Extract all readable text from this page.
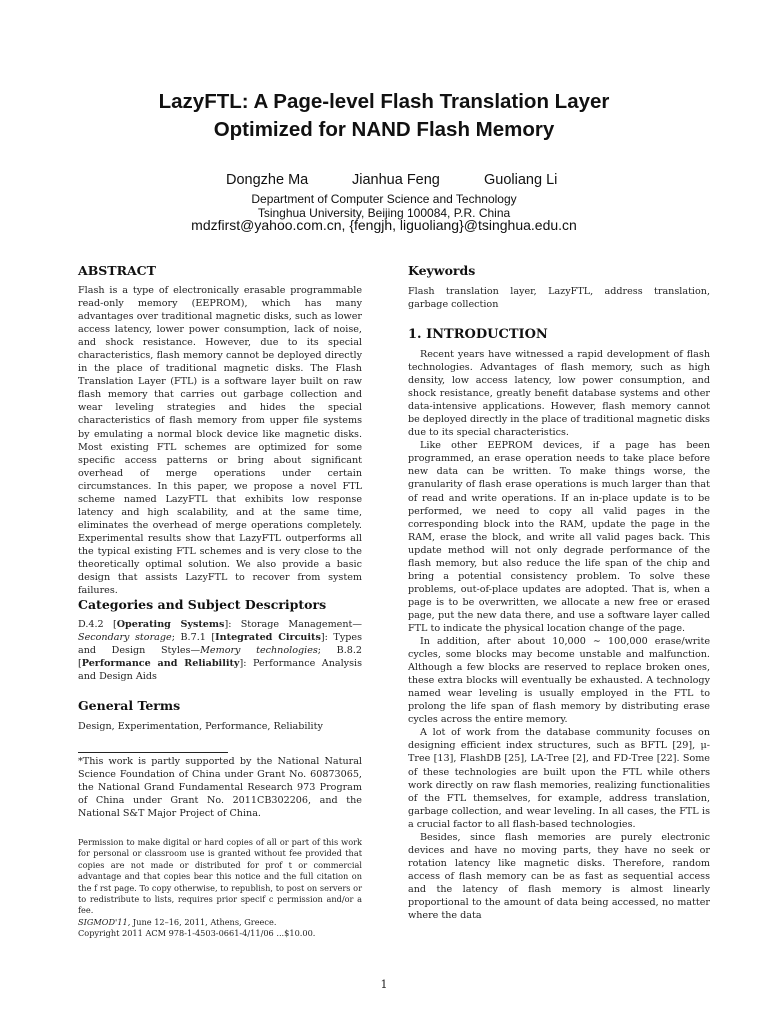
LazyFTL: A Page-level Flash Translation Layer
Optimized for NAND Flash Memory
Dongzhe Ma	Jianhua Feng	Guoliang Li
Department of Computer Science and Technology
Tsinghua University, Beijing 100084, P.R. China
mdzfirst@yahoo.com.cn, {fengjh, liguoliang}@tsinghua.edu.cn
ABSTRACT

Flash is a type of electronically erasable programmable read-only memory (EEPROM), which has many advantages over traditional magnetic disks, such as lower access latency, lower power consumption, lack of noise, and shock resistance. However, due to its special characteristics, flash memory cannot be deployed directly in the place of traditional magnetic disks. The Flash Translation Layer (FTL) is a software layer built on raw flash memory that carries out garbage collection and wear leveling strategies and hides the special characteristics of flash memory from upper file systems by emulating a normal block device like magnetic disks. Most existing FTL schemes are optimized for some specific access patterns or bring about significant overhead of merge operations under certain circumstances. In this paper, we propose a novel FTL scheme named LazyFTL that exhibits low response latency and high scalability, and at the same time, eliminates the overhead of merge operations completely. Experimental results show that LazyFTL outperforms all the typical existing FTL schemes and is very close to the theoretically optimal solution. We also provide a basic design that assists LazyFTL to recover from system failures.

Categories and Subject Descriptors

D.4.2 [Operating Systems]: Storage Management—Secondary storage; B.7.1 [Integrated Circuits]: Types and Design Styles—Memory technologies; B.8.2 [Performance and Reliability]: Performance Analysis and Design Aids

General Terms

Design, Experimentation, Performance, Reliability

*This work is partly supported by the National Natural Science Foundation of China under Grant No. 60873065, the National Grand Fundamental Research 973 Program of China under Grant No. 2011CB302206, and the National S&T Major Project of China.

Permission to make digital or hard copies of all or part of this work for personal or classroom use is granted without fee provided that copies are not made or distributed for prof t or commercial advantage and that copies bear this notice and the full citation on the f rst page. To copy otherwise, to republish, to post on servers or to redistribute to lists, requires prior specif c permission and/or a fee.

SIGMOD'11, June 12–16, 2011, Athens, Greece.

Copyright 2011 ACM 978-1-4503-0661-4/11/06 ...$10.00.

Keywords

Flash translation layer, LazyFTL, address translation, garbage collection

1. INTRODUCTION

Recent years have witnessed a rapid development of flash technologies. Advantages of flash memory, such as high density, low access latency, low power consumption, and shock resistance, greatly benefit database systems and other data-intensive applications. However, flash memory cannot be deployed directly in the place of traditional magnetic disks due to its special characteristics.

Like other EEPROM devices, if a page has been programmed, an erase operation needs to take place before new data can be written. To make things worse, the granularity of flash erase operations is much larger than that of read and write operations. If an in-place update is to be performed, we need to copy all valid pages in the corresponding block into the RAM, update the page in the RAM, erase the block, and write all valid pages back. This update method will not only degrade performance of the flash memory, but also reduce the life span of the chip and bring a potential consistency problem. To solve these problems, out-of-place updates are adopted. That is, when a page is to be overwritten, we allocate a new free or erased page, put the new data there, and use a software layer called FTL to indicate the physical location change of the page.

In addition, after about 10,000 ∼ 100,000 erase/write cycles, some blocks may become unstable and malfunction. Although a few blocks are reserved to replace broken ones, these extra blocks will eventually be exhausted. A technology named wear leveling is usually employed in the FTL to prolong the life span of flash memory by distributing erase cycles across the entire memory.

A lot of work from the database community focuses on designing efficient index structures, such as BFTL [29], μ-Tree [13], FlashDB [25], LA-Tree [2], and FD-Tree [22]. Some of these technologies are built upon the FTL while others work directly on raw flash memories, realizing functionalities of the FTL themselves, for example, address translation, garbage collection, and wear leveling. In all cases, the FTL is a crucial factor to all flash-based technologies.

Besides, since flash memories are purely electronic devices and have no moving parts, they have no seek or rotation latency like magnetic disks. Therefore, random access of flash memory can be as fast as sequential access and the latency of flash memory is almost linearly proportional to the amount of data being accessed, no matter where the data

1
